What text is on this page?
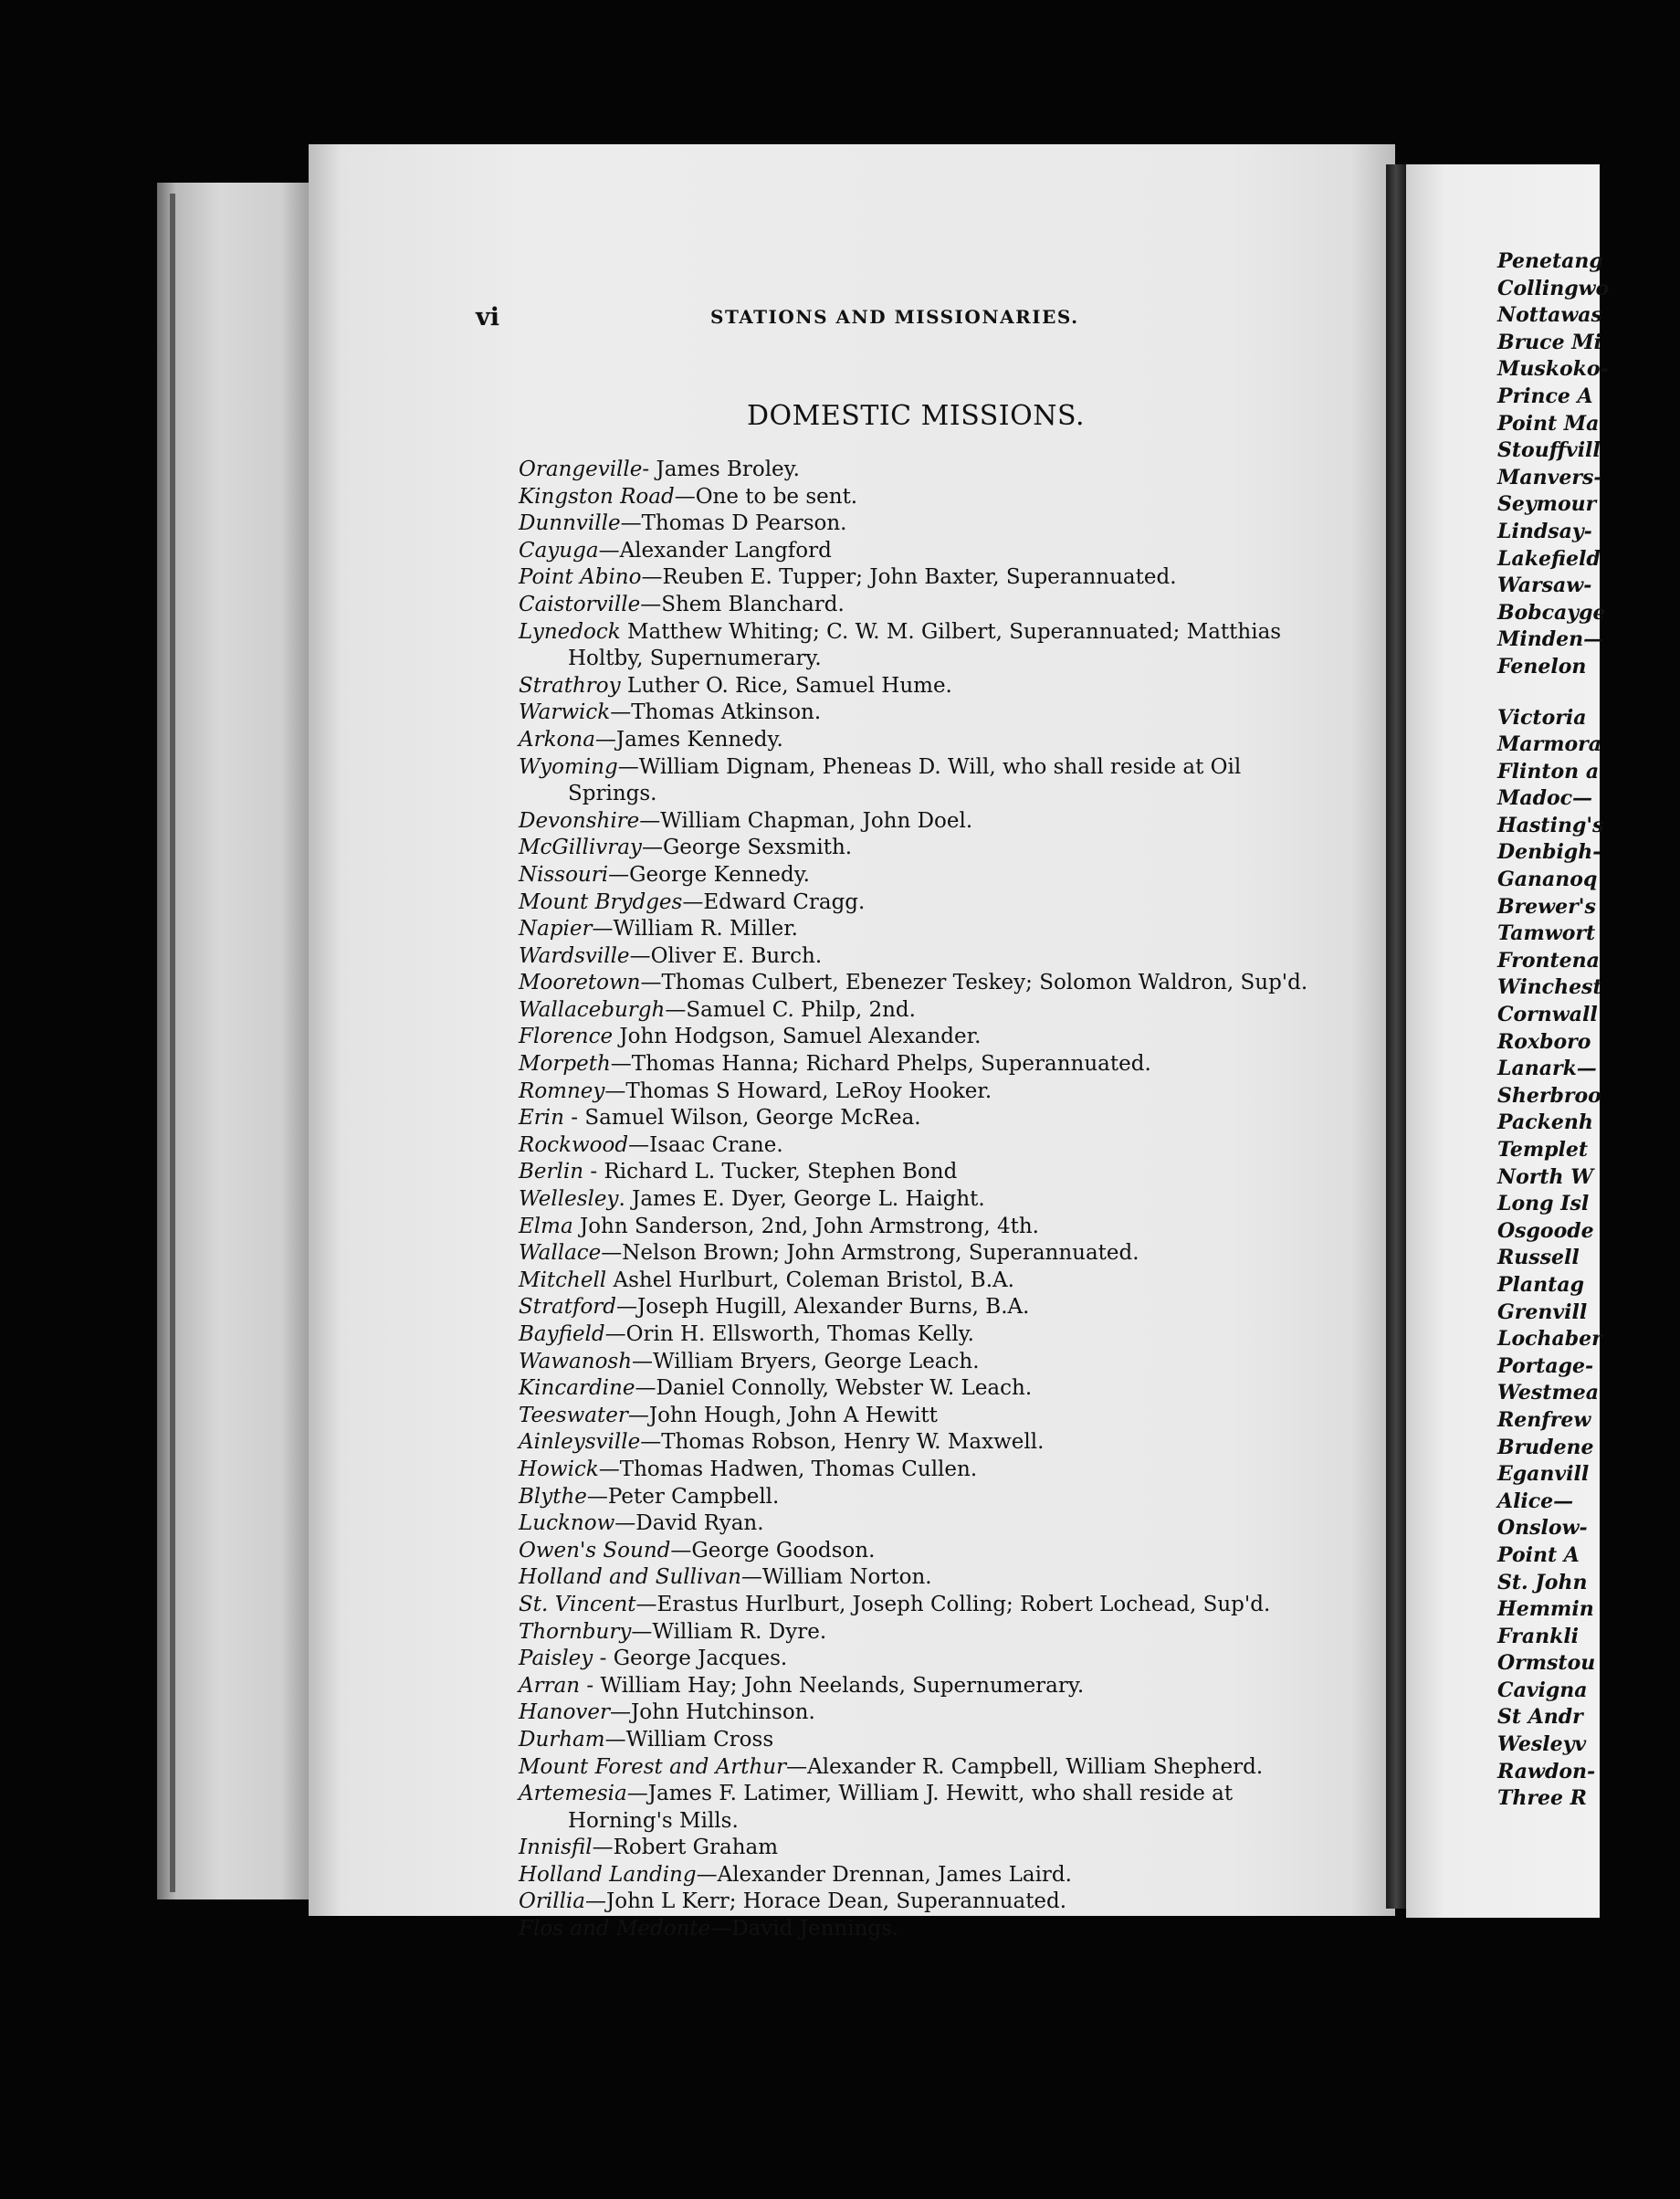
vi	STATIONS AND MISSIONARIES.
DOMESTIC MISSIONS.
Orangeville- James Broley.
Kingston Road—One to be sent.
Dunnville—Thomas D Pearson.
Cayuga—Alexander Langford
Point Abino—Reuben E. Tupper; John Baxter, Superannuated.
Caistorville—Shem Blanchard.
Lynedock Matthew Whiting; C. W. M. Gilbert, Superannuated; Matthias
Holtby, Supernumerary.
Strathroy Luther O. Rice, Samuel Hume.
Warwick—Thomas Atkinson.
Arkona—James Kennedy.
Wyoming—William Dignam, Pheneas D. Will, who shall reside at Oil
Springs.
Devonshire—William Chapman, John Doel.
McGillivray—George Sexsmith.
Nissouri—George Kennedy.
Mount Brydges—Edward Cragg.
Napier—William R. Miller.
Wardsville—Oliver E. Burch.
Mooretown—Thomas Culbert, Ebenezer Teskey; Solomon Waldron, Sup'd.
Wallaceburgh—Samuel C. Philp, 2nd.
Florence John Hodgson, Samuel Alexander.
Morpeth—Thomas Hanna; Richard Phelps, Superannuated.
Romney—Thomas S Howard, LeRoy Hooker.
Erin - Samuel Wilson, George McRea.
Rockwood—Isaac Crane.
Berlin - Richard L. Tucker, Stephen Bond
Wellesley. James E. Dyer, George L. Haight.
Elma John Sanderson, 2nd, John Armstrong, 4th.
Wallace—Nelson Brown; John Armstrong, Superannuated.
Mitchell Ashel Hurlburt, Coleman Bristol, B.A.
Stratford—Joseph Hugill, Alexander Burns, B.A.
Bayfield—Orin H. Ellsworth, Thomas Kelly.
Wawanosh—William Bryers, George Leach.
Kincardine—Daniel Connolly, Webster W. Leach.
Teeswater—John Hough, John A Hewitt
Ainleysville—Thomas Robson, Henry W. Maxwell.
Howick—Thomas Hadwen, Thomas Cullen.
Blythe—Peter Campbell.
Lucknow—David Ryan.
Owen's Sound—George Goodson.
Holland and Sullivan—William Norton.
St. Vincent—Erastus Hurlburt, Joseph Colling; Robert Lochead, Sup'd.
Thornbury—William R. Dyre.
Paisley - George Jacques.
Arran - William Hay; John Neelands, Supernumerary.
Hanover—John Hutchinson.
Durham—William Cross
Mount Forest and Arthur—Alexander R. Campbell, William Shepherd.
Artemesia—James F. Latimer, William J. Hewitt, who shall reside at
Horning's Mills.
Innisfil—Robert Graham
Holland Landing—Alexander Drennan, James Laird.
Orillia—John L Kerr; Horace Dean, Superannuated.
Flos and Medonte—David Jennings.
Penetang
Collingwo
Nottawas
Bruce Mi
Muskoko-
Prince A
Point Ma
Stouffvill
Manvers-
Seymour
Lindsay-
Lakefield
Warsaw-
Bobcayge
Minden—
Fenelon
Victoria
Marmora
Flinton a
Madoc—
Hasting's
Denbigh-
Gananoq
Brewer's
Tamwort
Frontena
Winchest
Cornwall
Roxboro
Lanark—
Sherbroo
Packenh
Templet
North W
Long Isl
Osgoode
Russell
Plantag
Grenvill
Lochaber
Portage-
Westmea
Renfrew
Brudene
Eganvill
Alice—
Onslow-
Point A
St. John
Hemmin
Frankli
Ormstou
Cavigna
St Andr
Wesleyv
Rawdon-
Three R
